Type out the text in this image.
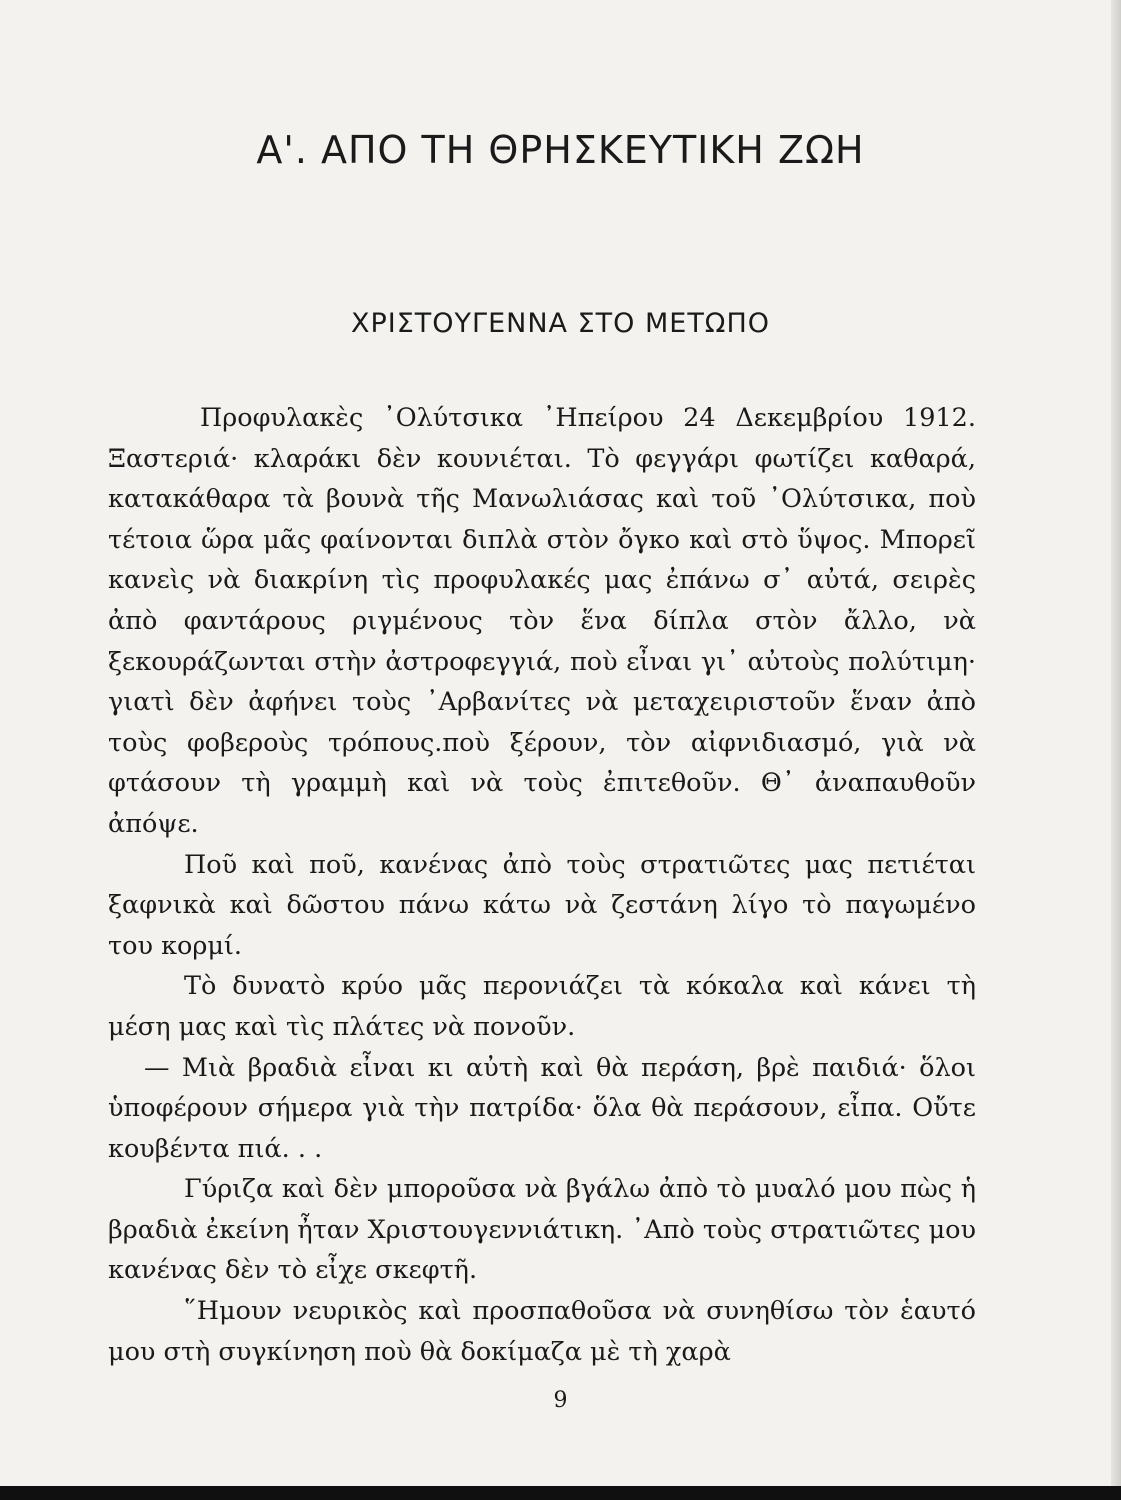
Α'. ΑΠΟ ΤΗ ΘΡΗΣΚΕΥΤΙΚΗ ΖΩΗ
ΧΡΙΣΤΟΥΓΕΝΝΑ ΣΤΟ ΜΕΤΩΠΟ

Προφυλακὲς ᾿Ολύτσικα ᾿Ηπείρου 24 Δεκεμβρίου 1912. Ξαστεριά· κλαράκι δὲν κουνιέται. Τὸ φεγγάρι φωτίζει καθαρά, κατακάθαρα τὰ βουνὰ τῆς Μανωλιάσας καὶ τοῦ ᾿Ολύτσικα, ποὺ τέτοια ὥρα μᾶς φαίνονται διπλὰ στὸν ὄγκο καὶ στὸ ὕψος. Μπορεῖ κανεὶς νὰ διακρίνη τὶς προφυλακές μας ἐπάνω σ᾿ αὐτά, σειρὲς ἀπὸ φαντάρους ριγμένους τὸν ἕνα δίπλα στὸν ἄλλο, νὰ ξεκουράζωνται στὴν ἀστροφεγγιά, ποὺ εἶναι γι᾿ αὐτοὺς πολύτιμη· γιατὶ δὲν ἀφήνει τοὺς ᾿Αρβανίτες νὰ μεταχειριστοῦν ἕναν ἀπὸ τοὺς φοβεροὺς τρόπους.ποὺ ξέρουν, τὸν αἰφνιδιασμό, γιὰ νὰ φτάσουν τὴ γραμμὴ καὶ νὰ τοὺς ἐπιτεθοῦν. Θ᾿ ἀναπαυθοῦν ἀπόψε.

Ποῦ καὶ ποῦ, κανένας ἀπὸ τοὺς στρατιῶτες μας πετιέται ξαφνικὰ καὶ δῶστου πάνω κάτω νὰ ζεστάνη λίγο τὸ παγωμένο του κορμί.

Τὸ δυνατὸ κρύο μᾶς περονιάζει τὰ κόκαλα καὶ κάνει τὴ μέση μας καὶ τὶς πλάτες νὰ πονοῦν.

— Μιὰ βραδιὰ εἶναι κι αὐτὴ καὶ θὰ περάση, βρὲ παιδιά· ὅλοι ὑποφέρουν σήμερα γιὰ τὴν πατρίδα· ὅλα θὰ περάσουν, εἶπα. Οὔτε κουβέντα πιά. . .

Γύριζα καὶ δὲν μποροῦσα νὰ βγάλω ἀπὸ τὸ μυαλό μου πὼς ἡ βραδιὰ ἐκείνη ἦταν Χριστουγεννιάτικη. ᾿Απὸ τοὺς στρατιῶτες μου κανένας δὲν τὸ εἶχε σκεφτῆ.

῞Ημουν νευρικὸς καὶ προσπαθοῦσα νὰ συνηθίσω τὸν ἑαυτό μου στὴ συγκίνηση ποὺ θὰ δοκίμαζα μὲ τὴ χαρὰ

9
